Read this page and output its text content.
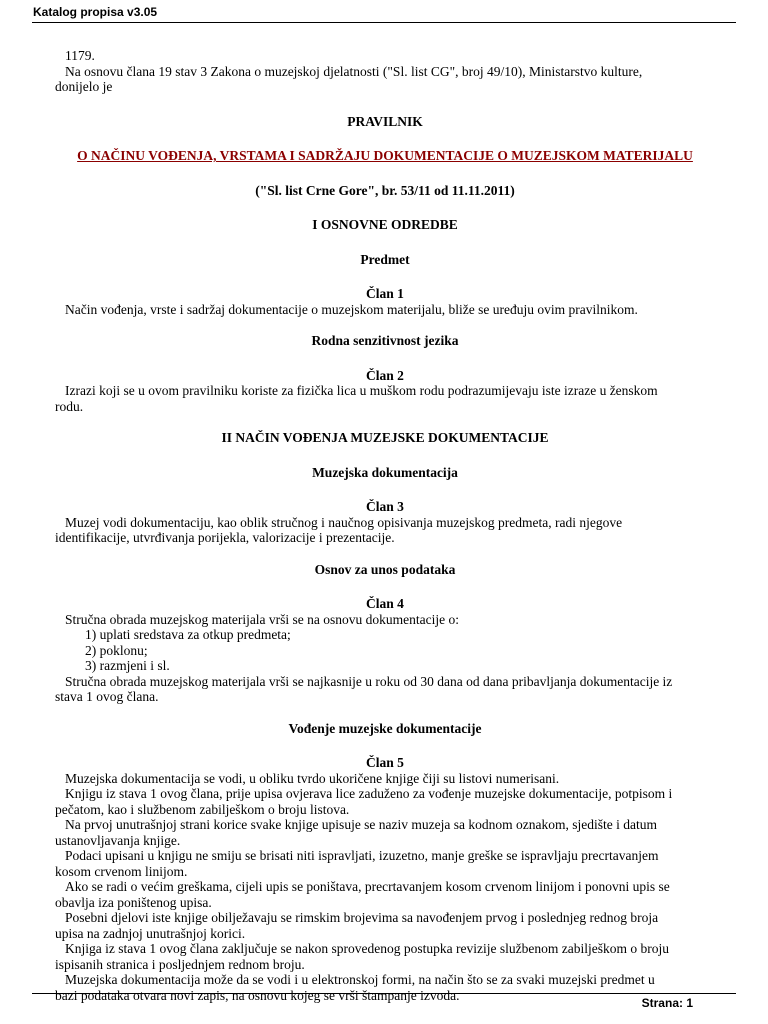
Katalog propisa v3.05

1179.

Na osnovu člana 19 stav 3 Zakona o muzejskoj djelatnosti ("Sl. list CG", broj 49/10), Ministarstvo kulture,

donijelo je

PRAVILNIK

O NAČINU VOĐENJA, VRSTAMA I SADRŽAJU DOKUMENTACIJE O MUZEJSKOM MATERIJALU

("Sl. list Crne Gore", br. 53/11 od 11.11.2011)

I OSNOVNE ODREDBE

Predmet

Član 1

Način vođenja, vrste i sadržaj dokumentacije o muzejskom materijalu, bliže se uređuju ovim pravilnikom.

Rodna senzitivnost jezika

Član 2

Izrazi koji se u ovom pravilniku koriste za fizička lica u muškom rodu podrazumijevaju iste izraze u ženskom

rodu.

II NAČIN VOĐENJA MUZEJSKE DOKUMENTACIJE

Muzejska dokumentacija

Član 3

Muzej vodi dokumentaciju, kao oblik stručnog i naučnog opisivanja muzejskog predmeta, radi njegove

identifikacije, utvrđivanja porijekla, valorizacije i prezentacije.

Osnov za unos podataka

Član 4

Stručna obrada muzejskog materijala vrši se na osnovu dokumentacije o:

1) uplati sredstava za otkup predmeta;

2) poklonu;

3) razmjeni i sl.

Stručna obrada muzejskog materijala vrši se najkasnije u roku od 30 dana od dana pribavljanja dokumentacije iz

stava 1 ovog člana.

Vođenje muzejske dokumentacije

Član 5

Muzejska dokumentacija se vodi, u obliku tvrdo ukoričene knjige čiji su listovi numerisani.

Knjigu iz stava 1 ovog člana, prije upisa ovjerava lice zaduženo za vođenje muzejske dokumentacije, potpisom i

pečatom, kao i službenom zabilješkom o broju listova.

Na prvoj unutrašnjoj strani korice svake knjige upisuje se naziv muzeja sa kodnom oznakom, sjedište i datum

ustanovljavanja knjige.

Podaci upisani u knjigu ne smiju se brisati niti ispravljati, izuzetno, manje greške se ispravljaju precrtavanjem

kosom crvenom linijom.

Ako se radi o većim greškama, cijeli upis se poništava, precrtavanjem kosom crvenom linijom i ponovni upis se

obavlja iza poništenog upisa.

Posebni djelovi iste knjige obilježavaju se rimskim brojevima sa navođenjem prvog i poslednjeg rednog broja

upisa na zadnjoj unutrašnjoj korici.

Knjiga iz stava 1 ovog člana zaključuje se nakon sprovedenog postupka revizije službenom zabilješkom o broju

ispisanih stranica i posljednjem rednom broju.

Muzejska dokumentacija može da se vodi i u elektronskoj formi, na način što se za svaki muzejski predmet u

bazi podataka otvara novi zapis, na osnovu kojeg se vrši štampanje izvoda.

Strana: 1
